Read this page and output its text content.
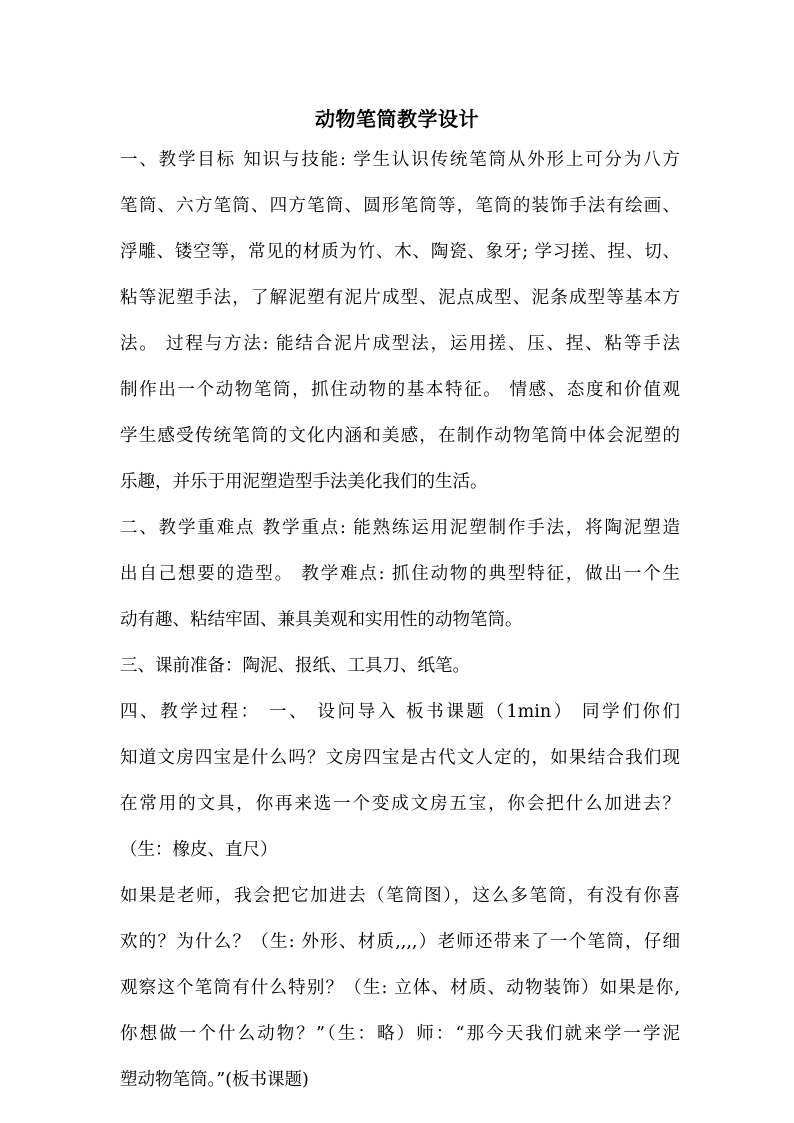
动物笔筒教学设计
一、教学目标 知识与技能: 学生认识传统笔筒从外形上可分为八方
笔筒、六方笔筒、四方笔筒、圆形笔筒等，笔筒的装饰手法有绘画、
浮雕、镂空等，常见的材质为竹、木、陶瓷、象牙; 学习搓、捏、切、
粘等泥塑手法，了解泥塑有泥片成型、泥点成型、泥条成型等基本方
法。 过程与方法: 能结合泥片成型法，运用搓、压、捏、粘等手法
制作出一个动物笔筒，抓住动物的基本特征。 情感、态度和价值观
学生感受传统笔筒的文化内涵和美感，在制作动物笔筒中体会泥塑的
乐趣，并乐于用泥塑造型手法美化我们的生活。
二、教学重难点 教学重点: 能熟练运用泥塑制作手法，将陶泥塑造
出自己想要的造型。 教学难点: 抓住动物的典型特征，做出一个生
动有趣、粘结牢固、兼具美观和实用性的动物笔筒。
三、课前准备：陶泥、报纸、工具刀、纸笔。
四、教学过程： 一、 设问导入 板书课题（1min） 同学们你们
知道文房四宝是什么吗？文房四宝是古代文人定的，如果结合我们现
在常用的文具，你再来选一个变成文房五宝，你会把什么加进去？
（生：橡皮、直尺）
如果是老师，我会把它加进去（笔筒图），这么多笔筒，有没有你喜
欢的？为什么？（生: 外形、材质,,,,）老师还带来了一个笔筒，仔细
观察这个笔筒有什么特别？（生: 立体、材质、动物装饰）如果是你,
你想做一个什么动物？”（生：略）师：“那今天我们就来学一学泥
塑动物笔筒。”(板书课题)
